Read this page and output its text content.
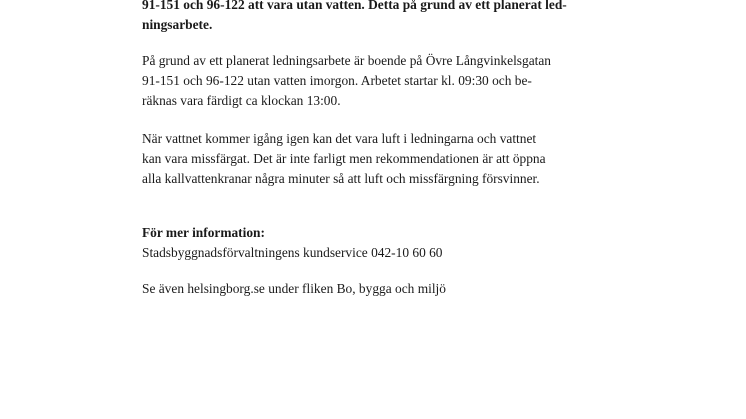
91-151 och 96-122 att vara utan vatten. Detta på grund av ett planerat led-
ningsarbete.

På grund av ett planerat ledningsarbete är boende på Övre Långvinkelsgatan
91-151 och 96-122 utan vatten imorgon. Arbetet startar kl. 09:30 och be-
räknas vara färdigt ca klockan 13:00.

När vattnet kommer igång igen kan det vara luft i ledningarna och vattnet
kan vara missfärgat. Det är inte farligt men rekommendationen är att öppna
alla kallvattenkranar några minuter så att luft och missfärgning försvinner.

För mer information:
Stadsbyggnadsförvaltningens kundservice 042-10 60 60

Se även helsingborg.se under fliken Bo, bygga och miljö
